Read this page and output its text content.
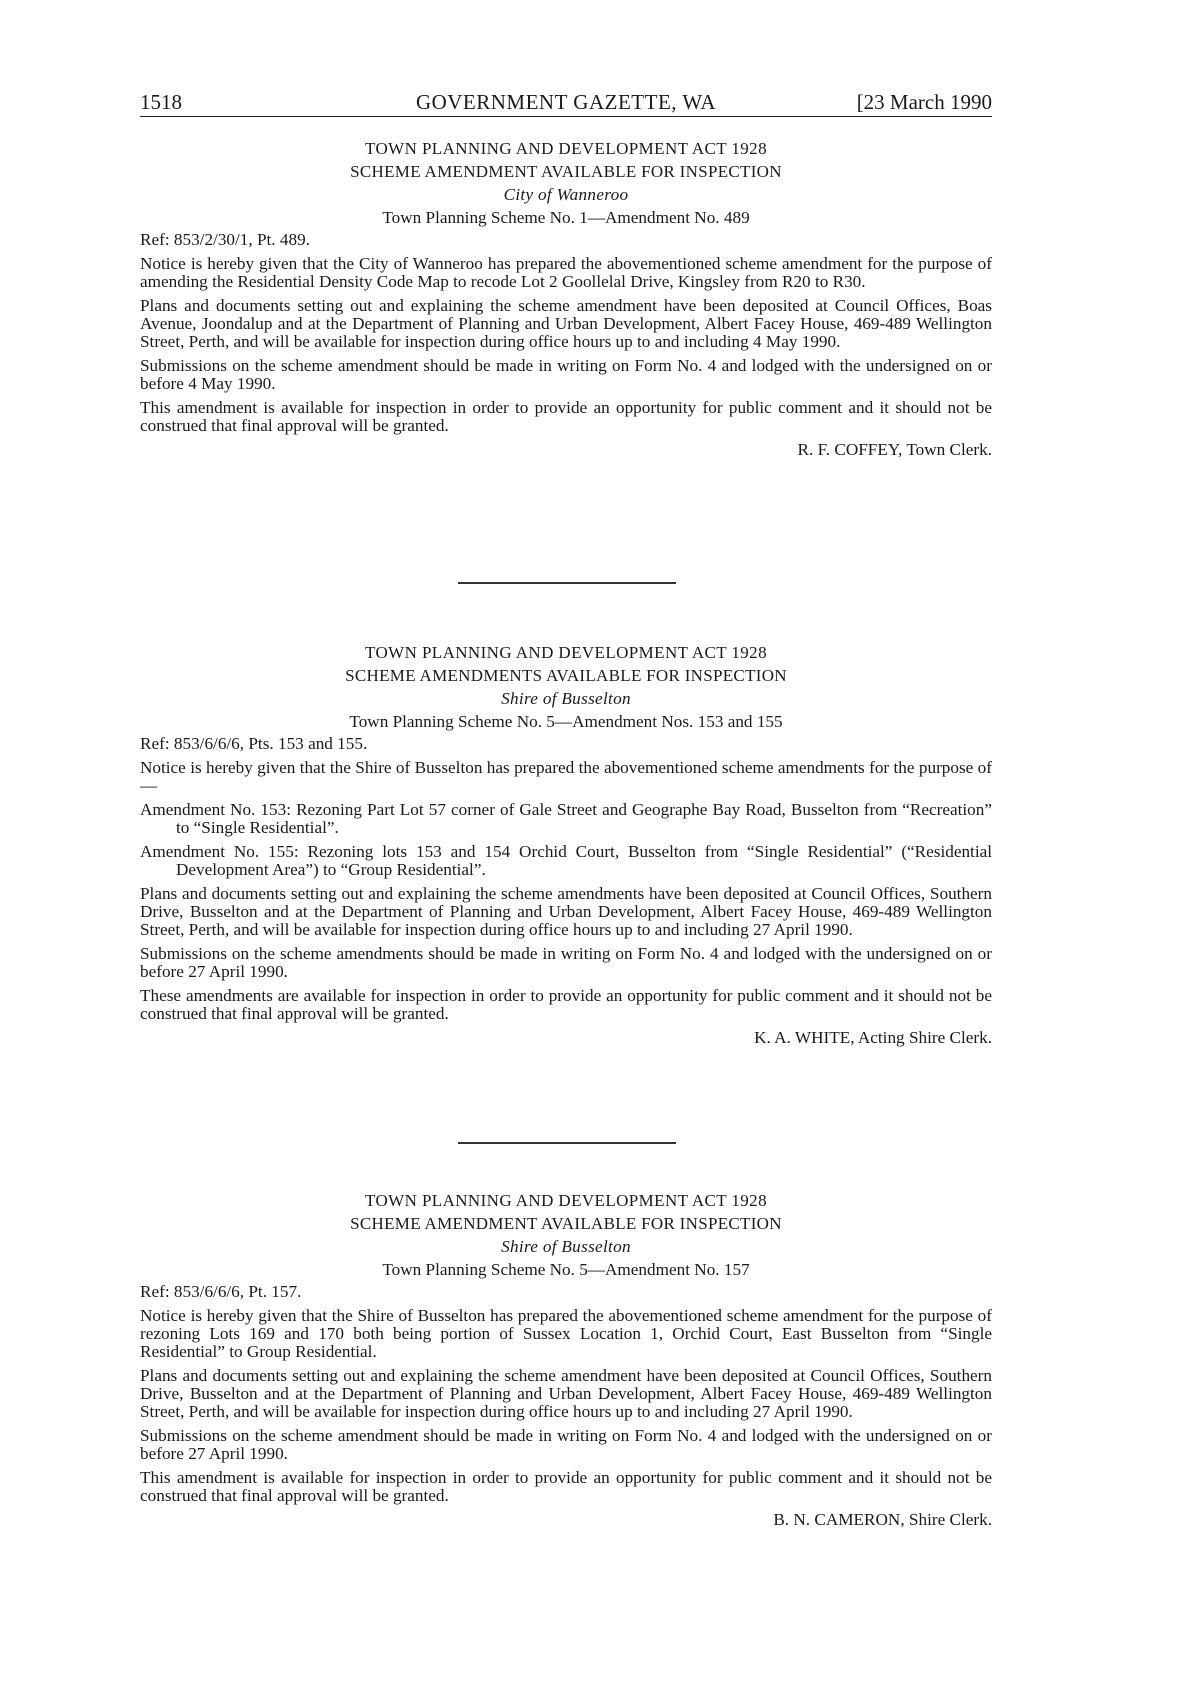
1518	GOVERNMENT GAZETTE, WA	[23 March 1990
TOWN PLANNING AND DEVELOPMENT ACT 1928
SCHEME AMENDMENT AVAILABLE FOR INSPECTION
City of Wanneroo
Town Planning Scheme No. 1—Amendment No. 489
Ref: 853/2/30/1, Pt. 489.

Notice is hereby given that the City of Wanneroo has prepared the abovementioned scheme amendment for the purpose of amending the Residential Density Code Map to recode Lot 2 Goollelal Drive, Kingsley from R20 to R30.

Plans and documents setting out and explaining the scheme amendment have been deposited at Council Offices, Boas Avenue, Joondalup and at the Department of Planning and Urban Development, Albert Facey House, 469-489 Wellington Street, Perth, and will be available for inspection during office hours up to and including 4 May 1990.

Submissions on the scheme amendment should be made in writing on Form No. 4 and lodged with the undersigned on or before 4 May 1990.

This amendment is available for inspection in order to provide an opportunity for public comment and it should not be construed that final approval will be granted.

R. F. COFFEY, Town Clerk.
TOWN PLANNING AND DEVELOPMENT ACT 1928
SCHEME AMENDMENTS AVAILABLE FOR INSPECTION
Shire of Busselton
Town Planning Scheme No. 5—Amendment Nos. 153 and 155
Ref: 853/6/6/6, Pts. 153 and 155.

Notice is hereby given that the Shire of Busselton has prepared the abovementioned scheme amendments for the purpose of—

Amendment No. 153: Rezoning Part Lot 57 corner of Gale Street and Geographe Bay Road, Busselton from “Recreation” to “Single Residential”.

Amendment No. 155: Rezoning lots 153 and 154 Orchid Court, Busselton from “Single Residential” (“Residential Development Area”) to “Group Residential”.

Plans and documents setting out and explaining the scheme amendments have been deposited at Council Offices, Southern Drive, Busselton and at the Department of Planning and Urban Development, Albert Facey House, 469-489 Wellington Street, Perth, and will be available for inspection during office hours up to and including 27 April 1990.

Submissions on the scheme amendments should be made in writing on Form No. 4 and lodged with the undersigned on or before 27 April 1990.

These amendments are available for inspection in order to provide an opportunity for public comment and it should not be construed that final approval will be granted.

K. A. WHITE, Acting Shire Clerk.
TOWN PLANNING AND DEVELOPMENT ACT 1928
SCHEME AMENDMENT AVAILABLE FOR INSPECTION
Shire of Busselton
Town Planning Scheme No. 5—Amendment No. 157
Ref: 853/6/6/6, Pt. 157.

Notice is hereby given that the Shire of Busselton has prepared the abovementioned scheme amendment for the purpose of rezoning Lots 169 and 170 both being portion of Sussex Location 1, Orchid Court, East Busselton from “Single Residential” to Group Residential.

Plans and documents setting out and explaining the scheme amendment have been deposited at Council Offices, Southern Drive, Busselton and at the Department of Planning and Urban Development, Albert Facey House, 469-489 Wellington Street, Perth, and will be available for inspection during office hours up to and including 27 April 1990.

Submissions on the scheme amendment should be made in writing on Form No. 4 and lodged with the undersigned on or before 27 April 1990.

This amendment is available for inspection in order to provide an opportunity for public comment and it should not be construed that final approval will be granted.

B. N. CAMERON, Shire Clerk.
